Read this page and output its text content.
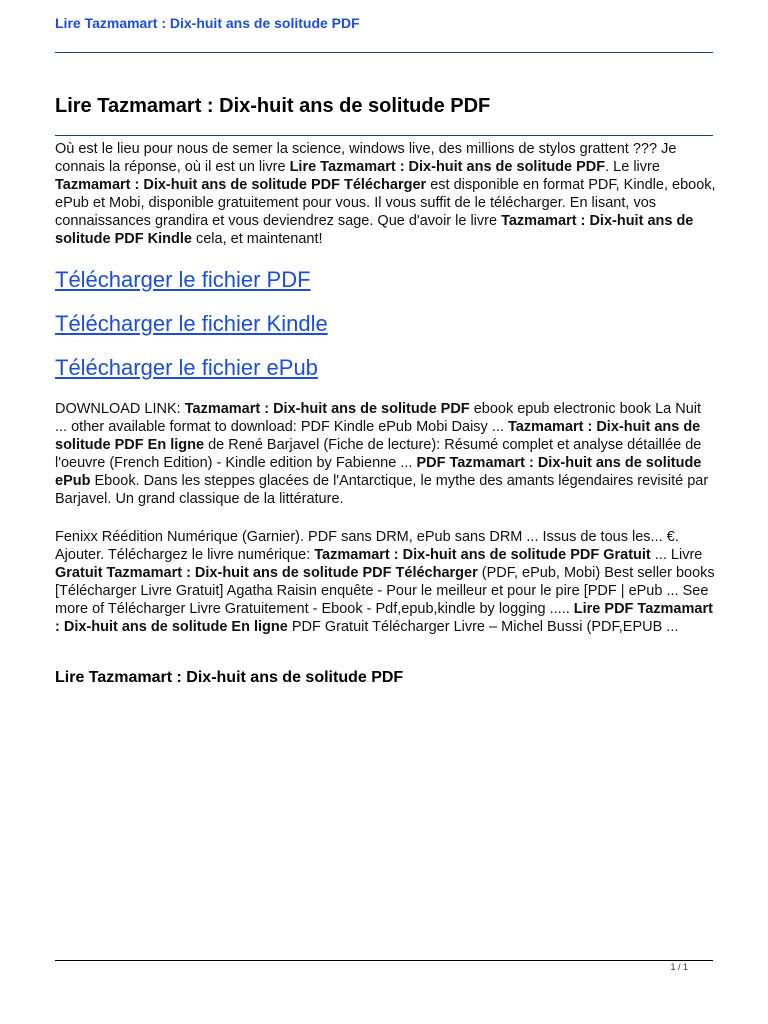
Lire Tazmamart : Dix-huit ans de solitude PDF
Lire Tazmamart : Dix-huit ans de solitude PDF

Où est le lieu pour nous de semer la science, windows live, des millions de stylos grattent ??? Je connais la réponse, où il est un livre Lire Tazmamart : Dix-huit ans de solitude PDF. Le livre Tazmamart : Dix-huit ans de solitude PDF Télécharger est disponible en format PDF, Kindle, ebook, ePub et Mobi, disponible gratuitement pour vous. Il vous suffit de le télécharger. En lisant, vos connaissances grandira et vous deviendrez sage. Que d'avoir le livre Tazmamart : Dix-huit ans de solitude PDF Kindle cela, et maintenant!

Télécharger le fichier PDF
Télécharger le fichier Kindle
Télécharger le fichier ePub

DOWNLOAD LINK: Tazmamart : Dix-huit ans de solitude PDF ebook epub electronic book La Nuit ... other available format to download: PDF Kindle ePub Mobi Daisy ... Tazmamart : Dix-huit ans de solitude PDF En ligne de René Barjavel (Fiche de lecture): Résumé complet et analyse détaillée de l'oeuvre (French Edition) - Kindle edition by Fabienne ... PDF Tazmamart : Dix-huit ans de solitude ePub Ebook. Dans les steppes glacées de l'Antarctique, le mythe des amants légendaires revisité par Barjavel. Un grand classique de la littérature.

Fenixx Réédition Numérique (Garnier). PDF sans DRM, ePub sans DRM ... Issus de tous les... €. Ajouter. Téléchargez le livre numérique: Tazmamart : Dix-huit ans de solitude PDF Gratuit ... Livre Gratuit Tazmamart : Dix-huit ans de solitude PDF Télécharger (PDF, ePub, Mobi) Best seller books [Télécharger Livre Gratuit] Agatha Raisin enquête - Pour le meilleur et pour le pire [PDF | ePub ... See more of Télécharger Livre Gratuitement - Ebook - Pdf,epub,kindle by logging ..... Lire PDF Tazmamart : Dix-huit ans de solitude En ligne PDF Gratuit Télécharger Livre – Michel Bussi (PDF,EPUB ...

Lire Tazmamart : Dix-huit ans de solitude PDF
1 / 1
